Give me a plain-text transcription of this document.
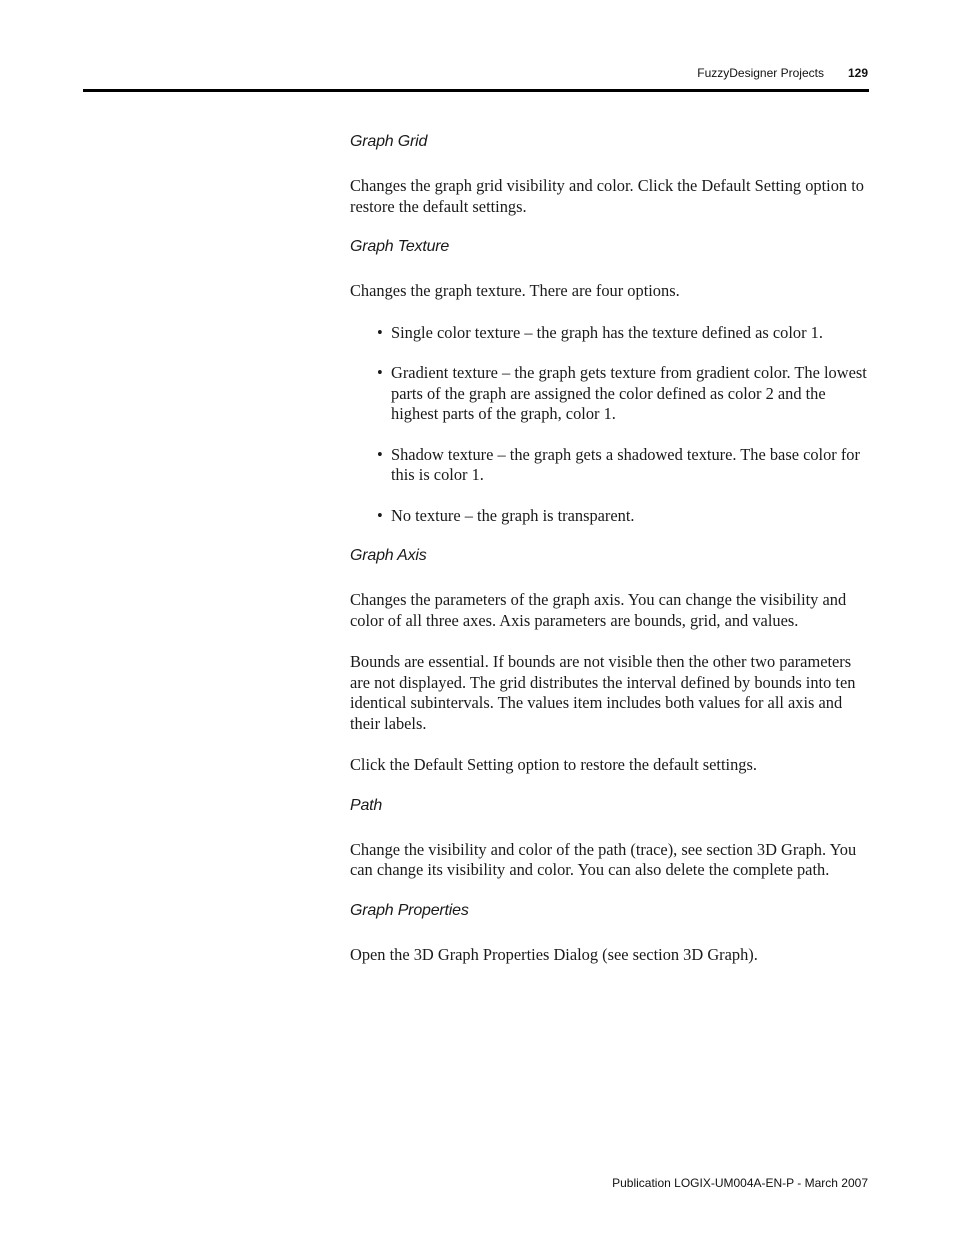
FuzzyDesigner Projects 129
Graph Grid

Changes the graph grid visibility and color. Click the Default Setting option to restore the default settings.

Graph Texture

Changes the graph texture. There are four options.

• Single color texture – the graph has the texture defined as color 1.
• Gradient texture – the graph gets texture from gradient color. The lowest parts of the graph are assigned the color defined as color 2 and the highest parts of the graph, color 1.
• Shadow texture – the graph gets a shadowed texture. The base color for this is color 1.
• No texture – the graph is transparent.
Graph Axis

Changes the parameters of the graph axis. You can change the visibility and color of all three axes. Axis parameters are bounds, grid, and values.

Bounds are essential. If bounds are not visible then the other two parameters are not displayed. The grid distributes the interval defined by bounds into ten identical subintervals. The values item includes both values for all axis and their labels.

Click the Default Setting option to restore the default settings.

Path

Change the visibility and color of the path (trace), see section 3D Graph. You can change its visibility and color. You can also delete the complete path.

Graph Properties

Open the 3D Graph Properties Dialog (see section 3D Graph).

Publication LOGIX-UM004A-EN-P - March 2007
